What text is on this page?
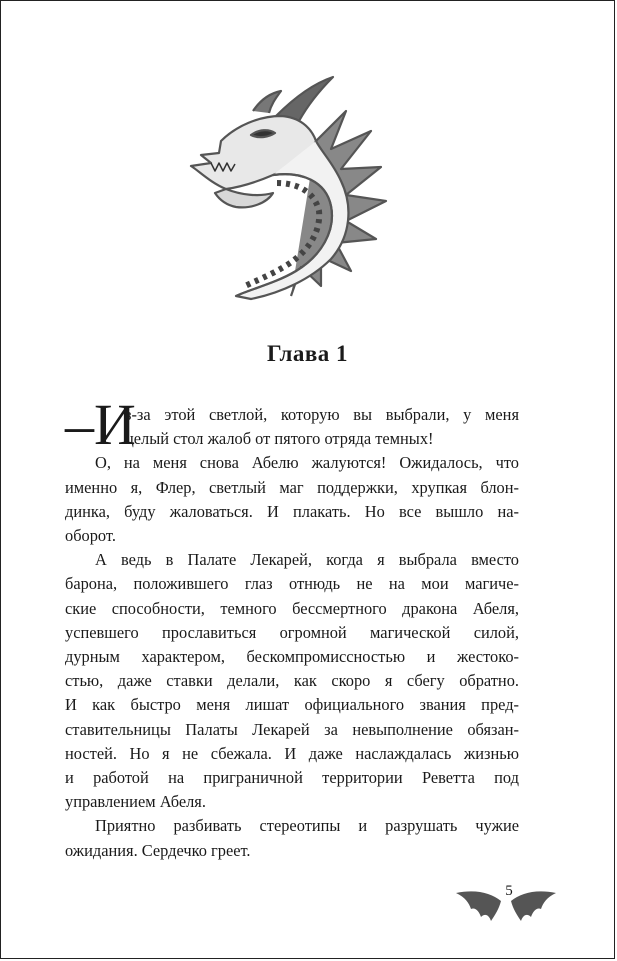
Глава 1

–И
з-за этой светлой, которую вы выбрали, у меня
целый стол жалоб от пятого отряда темных!

О, на меня снова Абелю жалуются! Ожидалось, что
именно я, Флер, светлый маг поддержки, хрупкая блон-
динка, буду жаловаться. И плакать. Но все вышло на-
оборот.

А ведь в Палате Лекарей, когда я выбрала вместо
барона, положившего глаз отнюдь не на мои магиче-
ские способности, темного бессмертного дракона Абеля,
успевшего прославиться огромной магической силой,
дурным характером, бескомпромиссностью и жестоко-
стью, даже ставки делали, как скоро я сбегу обратно.
И как быстро меня лишат официального звания пред-
ставительницы Палаты Лекарей за невыполнение обязан-
ностей. Но я не сбежала. И даже наслаждалась жизнью
и работой на приграничной территории Реветта под
управлением Абеля.

Приятно разбивать стереотипы и разрушать чужие
ожидания. Сердечко греет.

5
